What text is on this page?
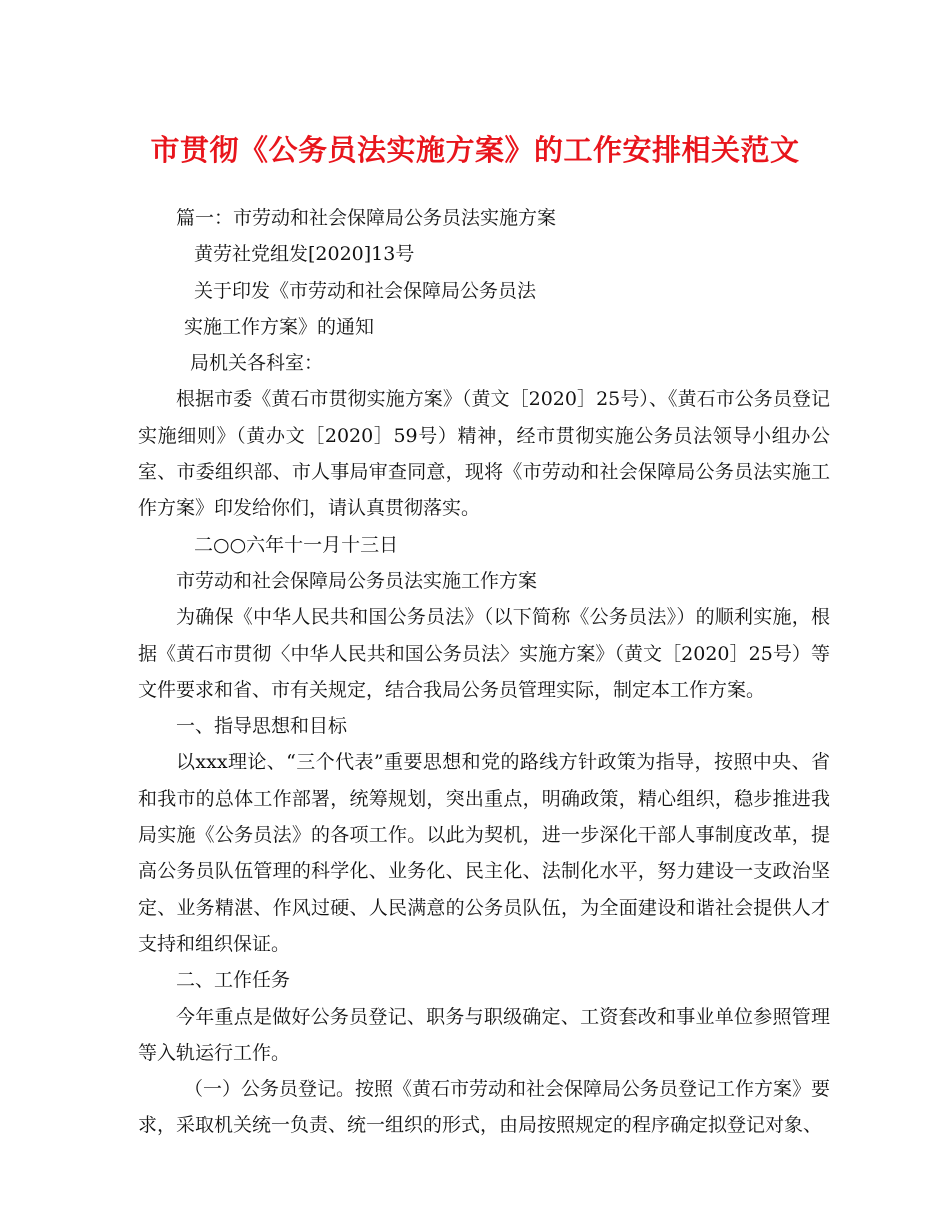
市贯彻《公务员法实施方案》的工作安排相关范文

篇一：市劳动和社会保障局公务员法实施方案

黄劳社党组发[2020]13号

关于印发《市劳动和社会保障局公务员法

实施工作方案》的通知

局机关各科室：

根据市委《黄石市贯彻实施方案》（黄文［2020］25号）、《黄石市公务员登记实施细则》（黄办文［2020］59号）精神，经市贯彻实施公务员法领导小组办公室、市委组织部、市人事局审查同意，现将《市劳动和社会保障局公务员法实施工作方案》印发给你们，请认真贯彻落实。

二○○六年十一月十三日

市劳动和社会保障局公务员法实施工作方案

为确保《中华人民共和国公务员法》（以下简称《公务员法》）的顺利实施，根据《黄石市贯彻〈中华人民共和国公务员法〉实施方案》（黄文［2020］25号）等文件要求和省、市有关规定，结合我局公务员管理实际，制定本工作方案。

一、指导思想和目标

以xxx理论、“三个代表”重要思想和党的路线方针政策为指导，按照中央、省和我市的总体工作部署，统筹规划，突出重点，明确政策，精心组织，稳步推进我局实施《公务员法》的各项工作。以此为契机，进一步深化干部人事制度改革，提高公务员队伍管理的科学化、业务化、民主化、法制化水平，努力建设一支政治坚定、业务精湛、作风过硬、人民满意的公务员队伍，为全面建设和谐社会提供人才支持和组织保证。

二、工作任务

今年重点是做好公务员登记、职务与职级确定、工资套改和事业单位参照管理等入轨运行工作。

（一）公务员登记。按照《黄石市劳动和社会保障局公务员登记工作方案》要求，采取机关统一负责、统一组织的形式，由局按照规定的程序确定拟登记对象、
